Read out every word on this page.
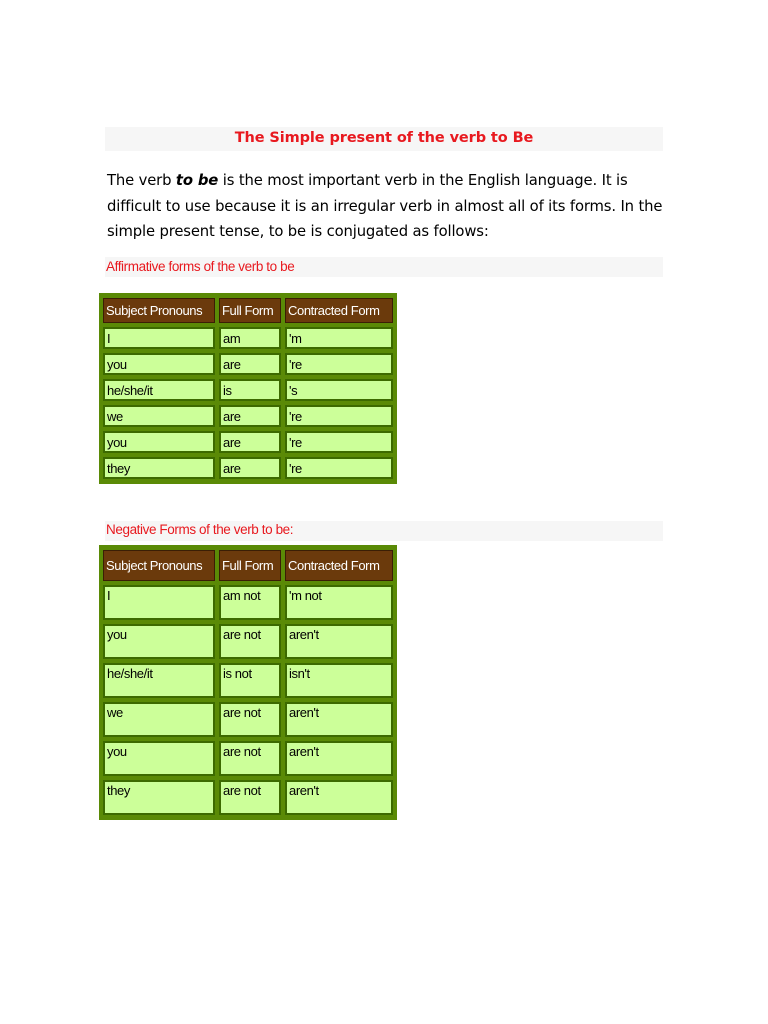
The Simple present of the verb to Be
The verb to be is the most important verb in the English language. It is difficult to use because it is an irregular verb in almost all of its forms. In the simple present tense, to be is conjugated as follows:
Affirmative forms of the verb to be
Subject Pronouns	Full Form	Contracted Form
I	am	'm
you	are	're
he/she/it	is	's
we	are	're
you	are	're
they	are	're
Negative Forms of the verb to be:
Subject Pronouns	Full Form	Contracted Form
I	am not	'm not
you	are not	aren't
he/she/it	is not	isn't
we	are not	aren't
you	are not	aren't
they	are not	aren't
